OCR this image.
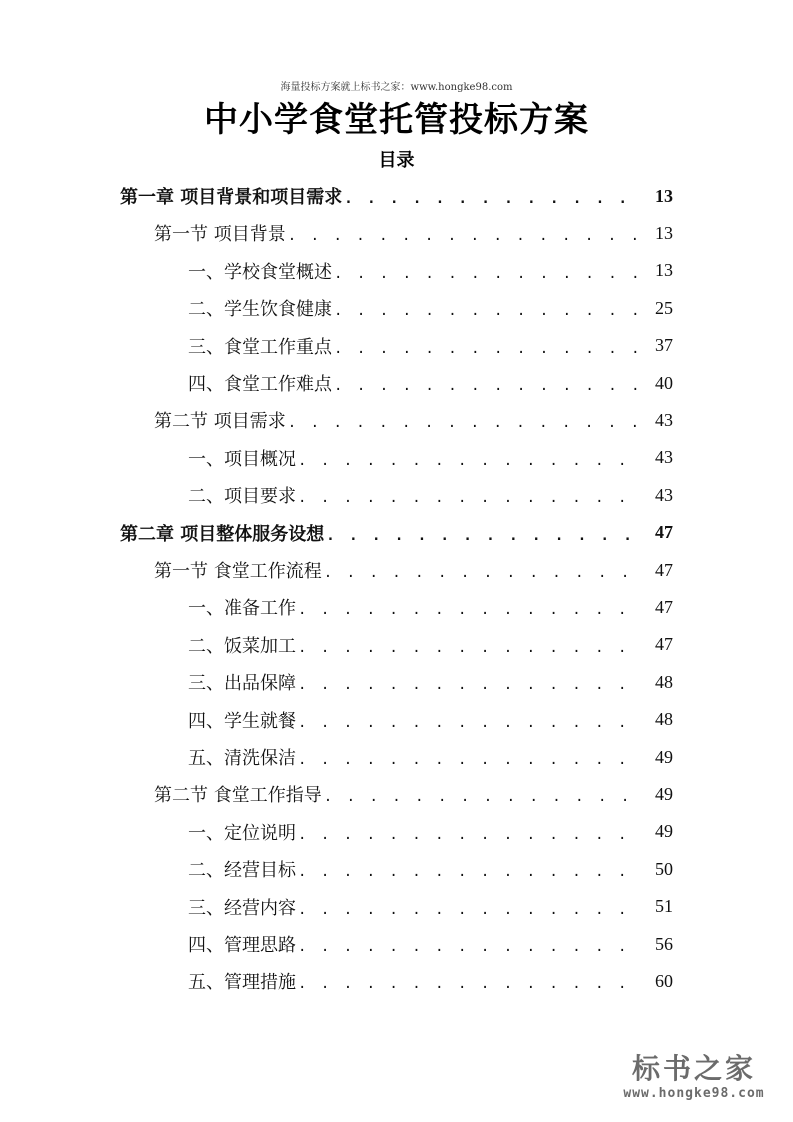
海量投标方案就上标书之家：www.hongke98.com
中小学食堂托管投标方案
目录
第一章 项目背景和项目需求 . . .	13
第一节 项目背景 . . .	13
一、学校食堂概述 . . .	13
二、学生饮食健康 . . .	25
三、食堂工作重点 . . .	37
四、食堂工作难点 . . .	40
第二节 项目需求 . . .	43
一、项目概况 . . .	43
二、项目要求 . . .	43
第二章 项目整体服务设想 . . .	47
第一节 食堂工作流程 . . .	47
一、准备工作 . . .	47
二、饭菜加工 . . .	47
三、出品保障 . . .	48
四、学生就餐 . . .	48
五、清洗保洁 . . .	49
第二节 食堂工作指导 . . .	49
一、定位说明 . . .	49
二、经营目标 . . .	50
三、经营内容 . . .	51
四、管理思路 . . .	56
五、管理措施 . . .	60
标书之家
www.hongke98.com
